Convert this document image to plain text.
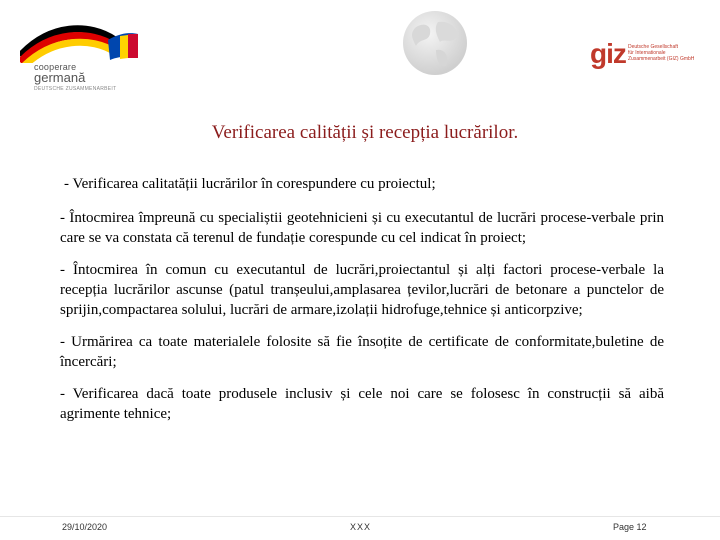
cooperare
germană
DEUTSCHE ZUSAMMENARBEIT
giz Deutsche Gesellschaft
für Internationale
Zusammenarbeit (GIZ) GmbH
Verificarea calității și recepția lucrărilor.

- Verificarea calitatății lucrărilor în corespundere cu proiectul;

- Întocmirea împreună cu specialiștii geotehnicieni și cu executantul de lucrări procese-verbale prin care se va constata că terenul de fundație corespunde cu cel indicat în proiect;

- Întocmirea în comun cu executantul de lucrări,proiectantul și alți factori procese-verbale la recepția lucrărilor ascunse (patul tranșeului,amplasarea țevilor,lucrări de betonare a punctelor de sprijin,compactarea solului, lucrări de armare,izolații hidrofuge,tehnice și anticorpzive;

- Urmărirea ca toate materialele folosite să fie însoțite de certificate de conformitate,buletine de încercări;

- Verificarea dacă toate produsele inclusiv și cele noi care se folosesc în construcții să aibă agrimente tehnice;

29/10/2020	XXX	Page 12
